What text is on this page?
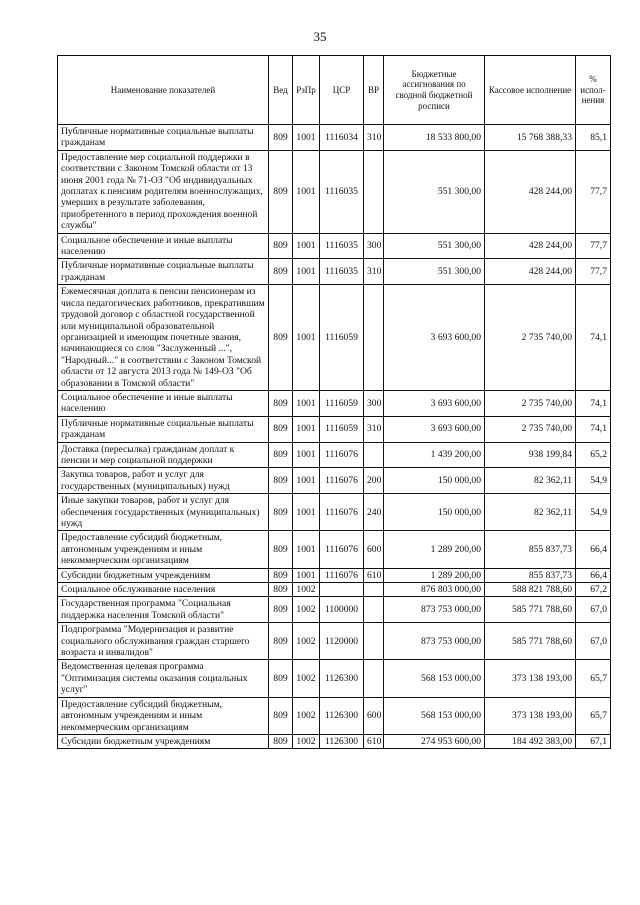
35
Наименование показателей	Вед	РзПр	ЦСР	ВР	Бюджетные ассигнования по сводной бюджетной росписи	Кассовое исполнение	% испол-нения
Публичные нормативные социальные выплаты гражданам	809	1001	1116034	310	18 533 800,00	15 768 388,33	85,1
Предоставление мер социальной поддержки в соответствии с Законом Томской области от 13 июня 2001 года № 71-ОЗ "Об индивидуальных доплатах к пенсиям родителям военнослужащих, умерших в результате заболевания, приобретенного в период прохождения военной службы"	809	1001	1116035		551 300,00	428 244,00	77,7
Социальное обеспечение и иные выплаты населению	809	1001	1116035	300	551 300,00	428 244,00	77,7
Публичные нормативные социальные выплаты гражданам	809	1001	1116035	310	551 300,00	428 244,00	77,7
Ежемесячная доплата к пенсии пенсионерам из числа педагогических работников, прекратившим трудовой договор с областной государственной или муниципальной образовательной организацией и имеющим почетные звания, начинающиеся со слов "Заслуженный ...", "Народный..." в соответствии с Законом Томской области от 12 августа 2013 года № 149-ОЗ "Об образовании в Томской области"	809	1001	1116059		3 693 600,00	2 735 740,00	74,1
Социальное обеспечение и иные выплаты населению	809	1001	1116059	300	3 693 600,00	2 735 740,00	74,1
Публичные нормативные социальные выплаты гражданам	809	1001	1116059	310	3 693 600,00	2 735 740,00	74,1
Доставка (пересылка) гражданам доплат к пенсии и мер социальной поддержки	809	1001	1116076		1 439 200,00	938 199,84	65,2
Закупка товаров, работ и услуг для государственных (муниципальных) нужд	809	1001	1116076	200	150 000,00	82 362,11	54,9
Иные закупки товаров, работ и услуг для обеспечения государственных (муниципальных) нужд	809	1001	1116076	240	150 000,00	82 362,11	54,9
Предоставление субсидий бюджетным, автономным учреждениям и иным некоммерческим организациям	809	1001	1116076	600	1 289 200,00	855 837,73	66,4
Субсидии бюджетным учреждениям	809	1001	1116076	610	1 289 200,00	855 837,73	66,4
Социальное обслуживание населения	809	1002			876 803 000,00	588 821 788,60	67,2
Государственная программа "Социальная поддержка населения Томской области"	809	1002	1100000		873 753 000,00	585 771 788,60	67,0
Подпрограмма "Модернизация и развитие социального обслуживания граждан старшего возраста и инвалидов"	809	1002	1120000		873 753 000,00	585 771 788,60	67,0
Ведомственная целевая программа "Оптимизация системы оказания социальных услуг"	809	1002	1126300		568 153 000,00	373 138 193,00	65,7
Предоставление субсидий бюджетным, автономным учреждениям и иным некоммерческим организациям	809	1002	1126300	600	568 153 000,00	373 138 193,00	65,7
Субсидии бюджетным учреждениям	809	1002	1126300	610	274 953 600,00	184 492 383,00	67,1
